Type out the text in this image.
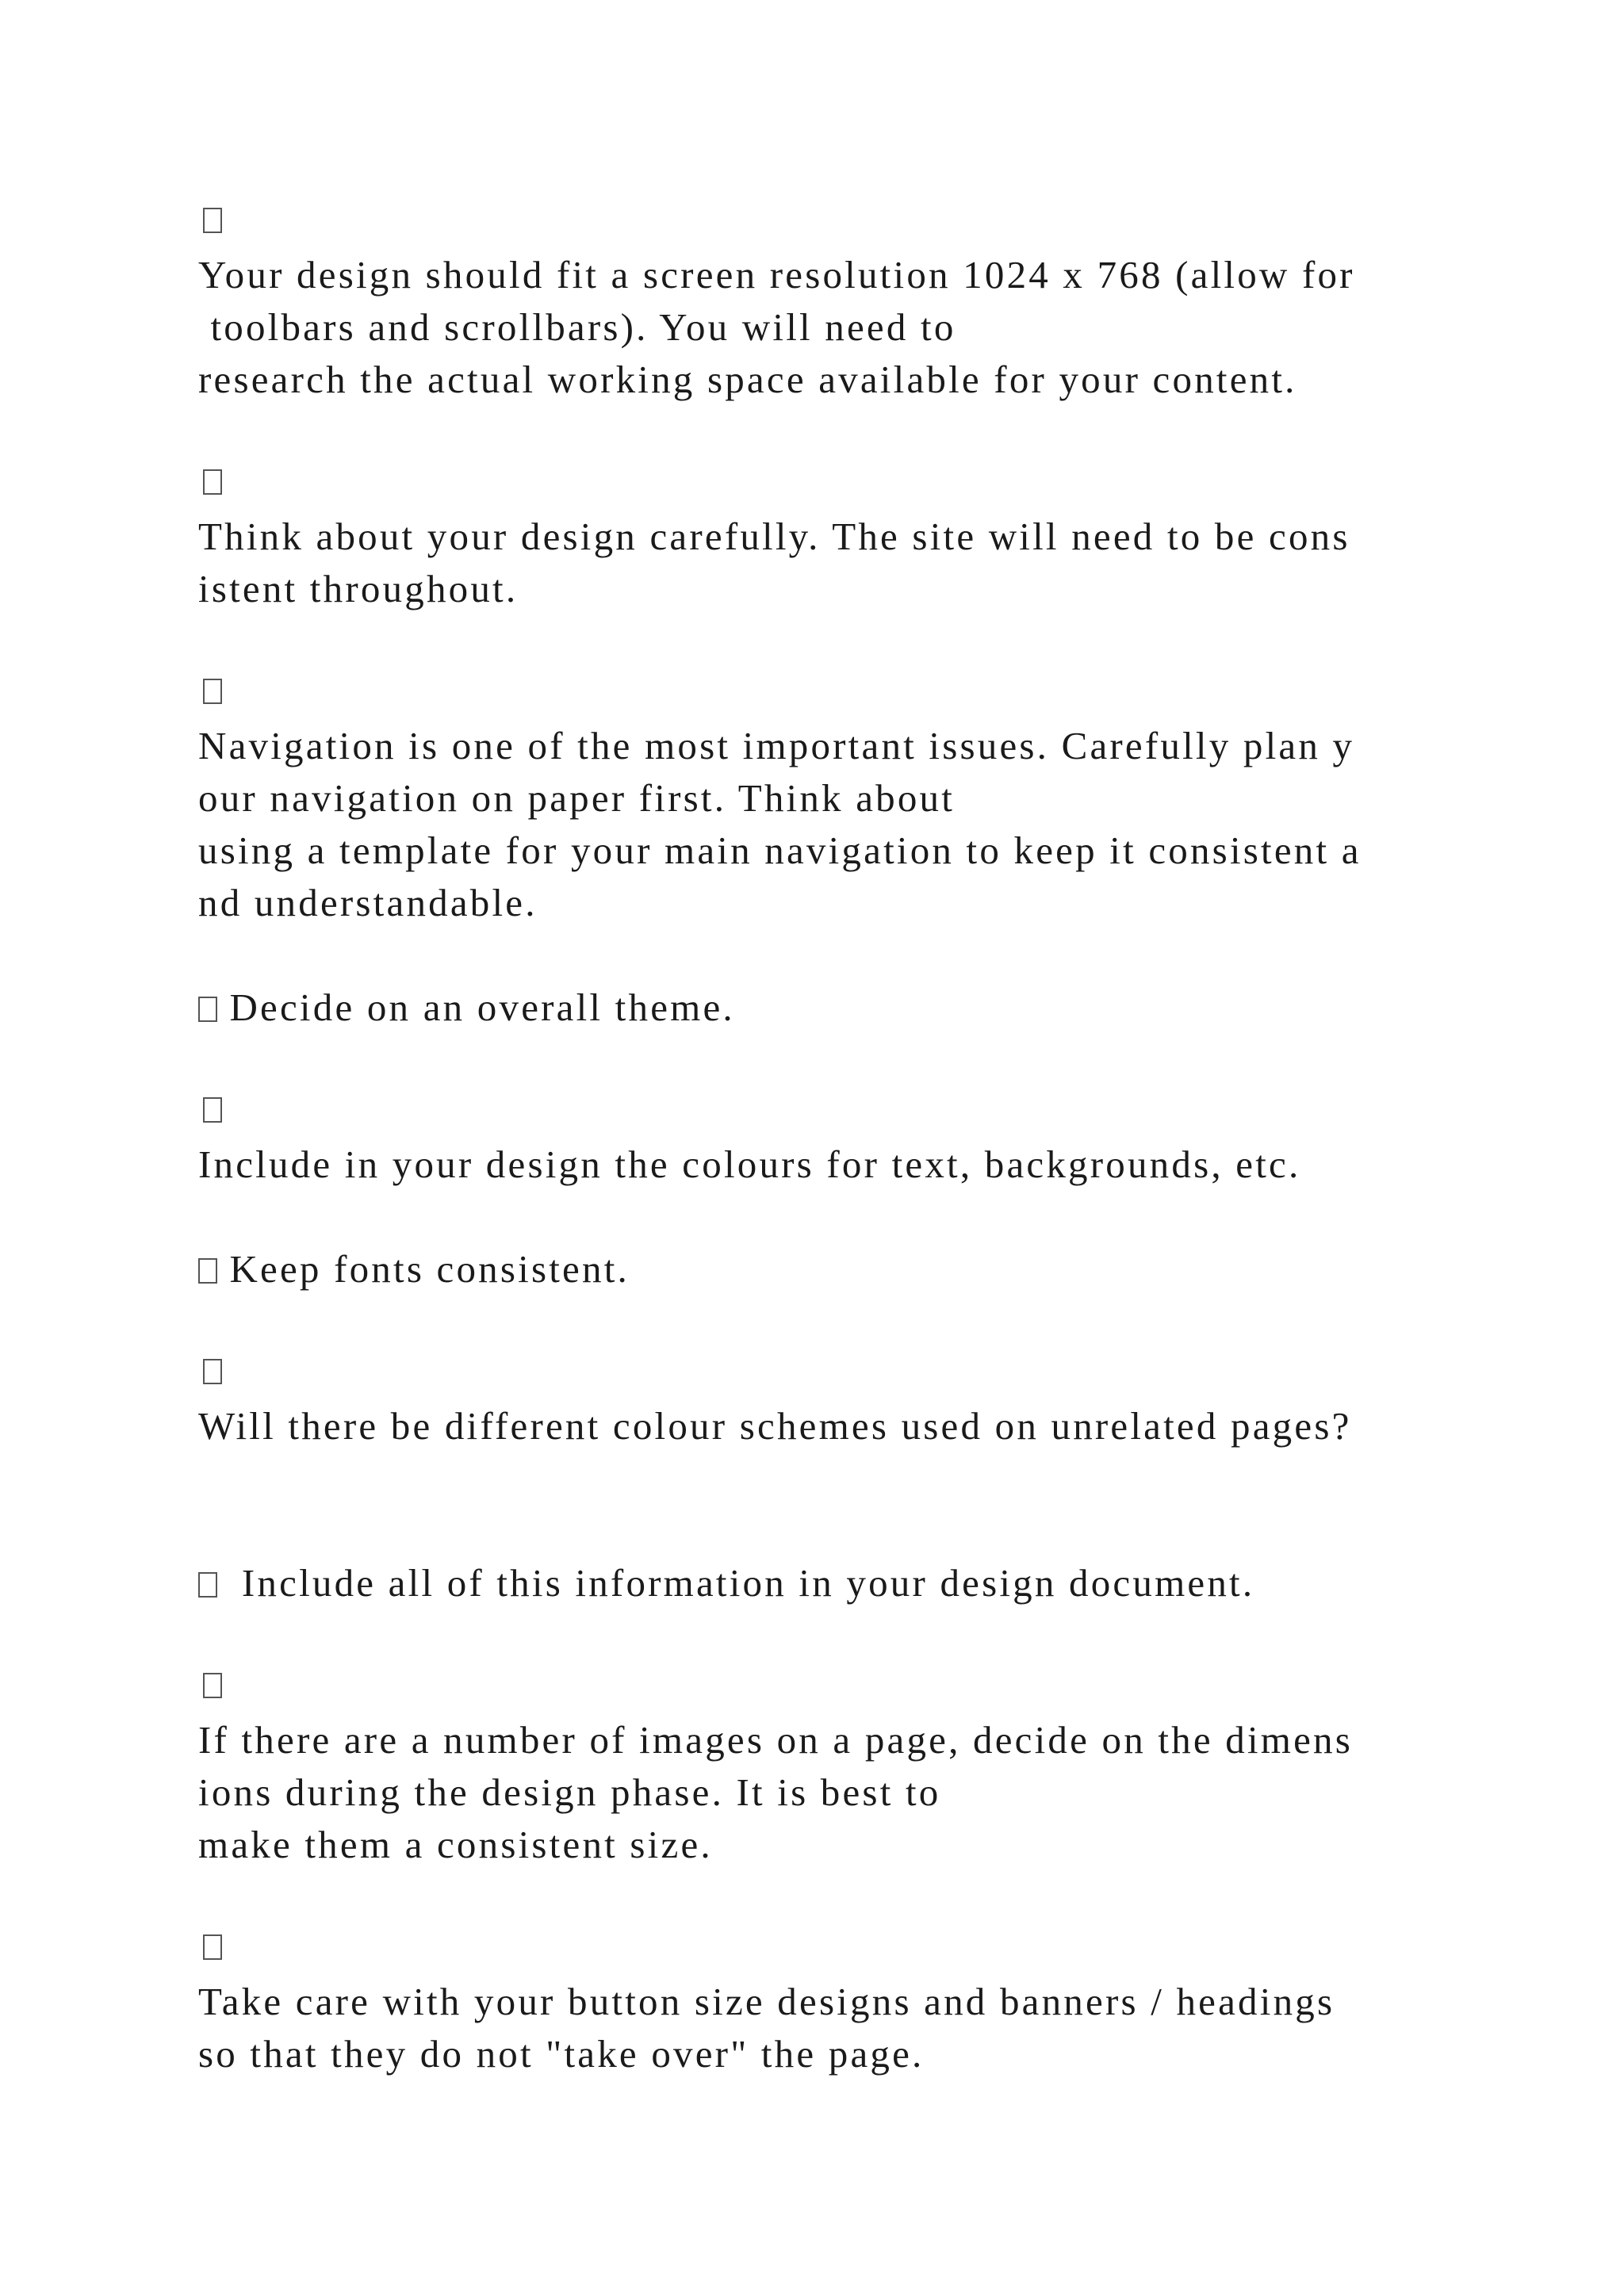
Your design should fit a screen resolution 1024 x 768 (allow for
toolbars and scrollbars). You will need to
research the actual working space available for your content.
Think about your design carefully. The site will need to be cons
istent throughout.
Navigation is one of the most important issues. Carefully plan y
our navigation on paper first. Think about
using a template for your main navigation to keep it consistent a
nd understandable.
Decide on an overall theme.
Include in your design the colours for text, backgrounds, etc.
Keep fonts consistent.
Will there be different colour schemes used on unrelated pages?
Include all of this information in your design document.
If there are a number of images on a page, decide on the dimens
ions during the design phase. It is best to
make them a consistent size.
Take care with your button size designs and banners / headings
so that they do not "take over" the page.
